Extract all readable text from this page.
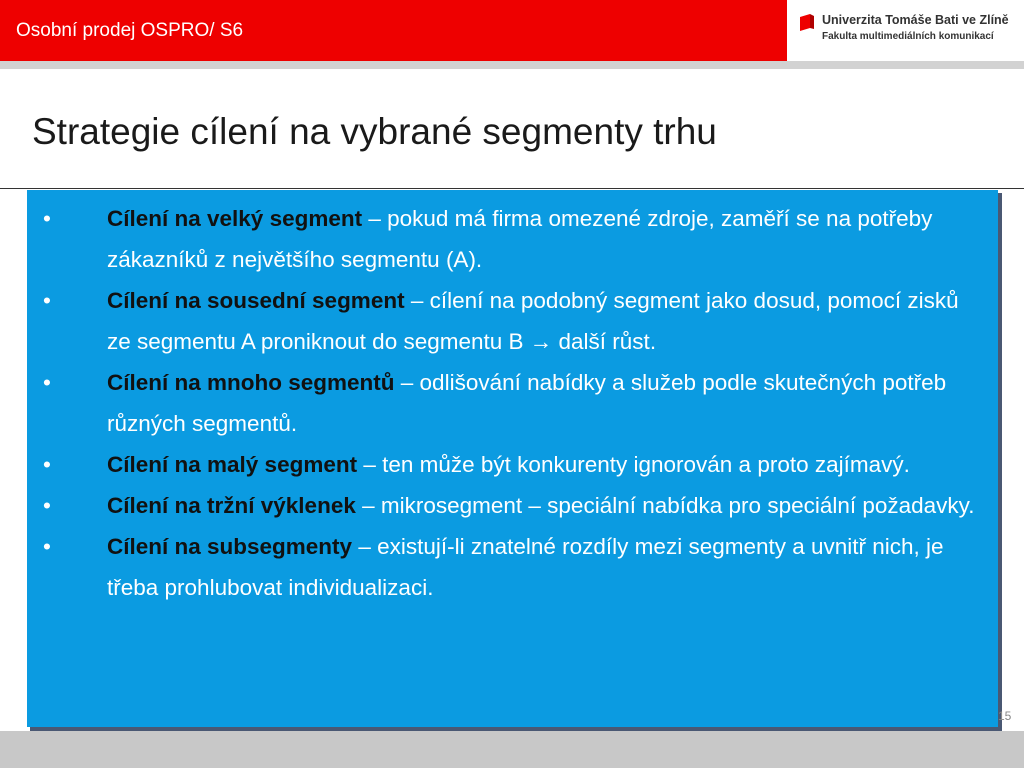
Osobní prodej OSPRO/ S6	Univerzita Tomáše Bati ve Zlíně
Fakulta multimediálních komunikací
Strategie cílení na vybrané segmenty trhu
• Cílení na velký segment – pokud má firma omezené zdroje, zaměří se na potřeby zákazníků z největšího segmentu (A).
• Cílení na sousední segment – cílení na podobný segment jako dosud, pomocí zisků ze segmentu A proniknout do segmentu B → další růst.
• Cílení na mnoho segmentů – odlišování nabídky a služeb podle skutečných potřeb různých segmentů.
• Cílení na malý segment – ten může být konkurenty ignorován a proto zajímavý.
• Cílení na tržní výklenek – mikrosegment – speciální nabídka pro speciální požadavky.
• Cílení na subsegmenty – existují-li znatelné rozdíly mezi segmenty a uvnitř nich, je třeba prohlubovat individualizaci.
15
